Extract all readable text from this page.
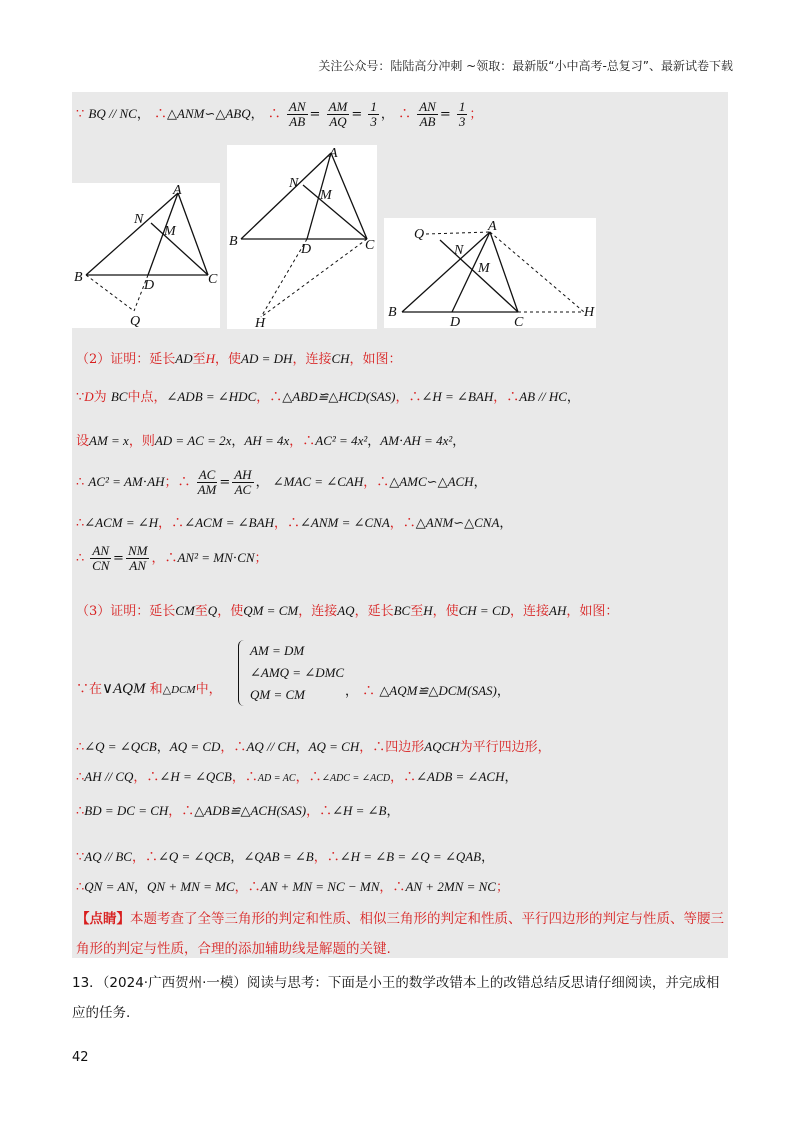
关注公众号：陆陆高分冲刺 ~领取：最新版“小中高考-总复习”、最新试卷下载
∵ BQ // NC， ∴△ANM∽△ABQ， ∴ $\frac{AN}{AB} = \frac{AM}{AQ} = \frac{1}{3}$ ， ∴ $\frac{AN}{AB} = \frac{1}{3}$ ；
A
N
M
B
D	C
Q
A
N
M
B
D	C
H
Q
A
N
M
B
D	C
H
（2）证明：延长AD至H，使AD = DH，连接CH，如图：
∵D为 BC中点，∠ADB = ∠HDC，∴△ABD≌△HCD(SAS)，∴∠H = ∠BAH，∴AB // HC，
设AM = x，则AD = AC = 2x，AH = 4x，∴AC² = 4x²，AM⋅AH = 4x²，
∴ AC² = AM⋅AH；∴ $\frac{AC}{AM} = \frac{AH}{AC}$ ， ∠MAC = ∠CAH，∴△AMC∽△ACH，
∴∠ACM = ∠H，∴∠ACM = ∠BAH，∴∠ANM = ∠CNA，∴△ANM∽△CNA，
∴ $\frac{AN}{CN} = \frac{NM}{AN}$ ，∴AN² = MN⋅CN；
（3）证明：延长CM至Q，使QM = CM，连接AQ，延长BC至H，使CH = CD，连接AH，如图：
∵在∨AQM 和△DCM中，
AM = DM
∠AMQ = ∠DMC
QM = CM	， ∴ △AQM≌△DCM(SAS)，
∴∠Q = ∠QCB，AQ = CD，∴AQ // CH，AQ = CH，∴四边形AQCH为平行四边形，
∴AH // CQ，∴∠H = ∠QCB，∴AD = AC，∴∠ADC = ∠ACD，∴∠ADB = ∠ACH，
∴BD = DC = CH，∴△ADB≌△ACH(SAS)，∴∠H = ∠B，
∵AQ // BC，∴∠Q = ∠QCB，∠QAB = ∠B，∴∠H = ∠B = ∠Q = ∠QAB，
∴QN = AN，QN + MN = MC，∴AN + MN = NC − MN，∴AN + 2MN = NC；
【点睛】本题考查了全等三角形的判定和性质、相似三角形的判定和性质、平行四边形的判定与性质、等腰三角形的判定与性质，合理的添加辅助线是解题的关键.
13．（2024·广西贺州·一模）阅读与思考：下面是小王的数学改错本上的改错总结反思请仔细阅读，并完成相应的任务.
42
